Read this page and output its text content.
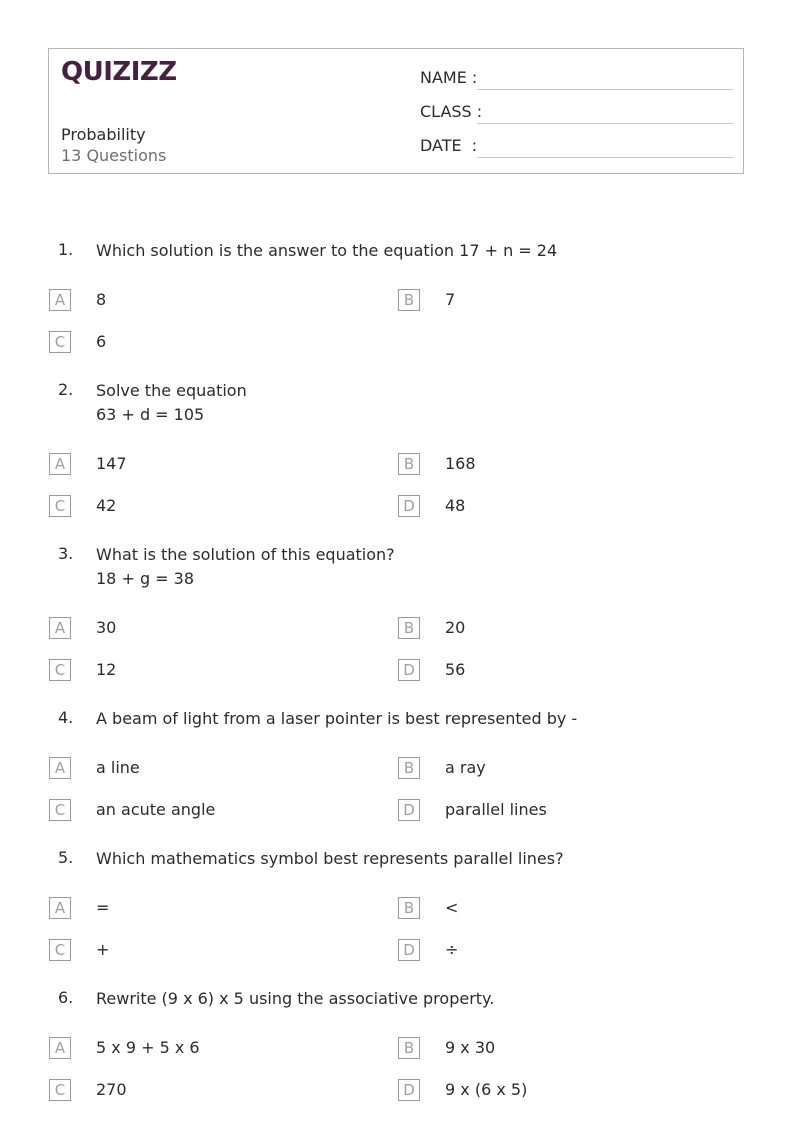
QUIZIZZ
Probability
13 Questions
NAME :
CLASS :
DATE  :
1. Which solution is the answer to the equation 17 + n = 24
A	8	B	7
C	6
2. Solve the equation
63 + d = 105
A	147	B	168
C	42	D	48
3. What is the solution of this equation?
18 + g = 38
A	30	B	20
C	12	D	56
4. A beam of light from a laser pointer is best represented by -
A	a line	B	a ray
C	an acute angle	D	parallel lines
5. Which mathematics symbol best represents parallel lines?
A	=	B	<
C	+	D	÷
6. Rewrite (9 x 6) x 5 using the associative property.
A	5 x 9 + 5 x 6	B	9 x 30
C	270	D	9 x (6 x 5)
